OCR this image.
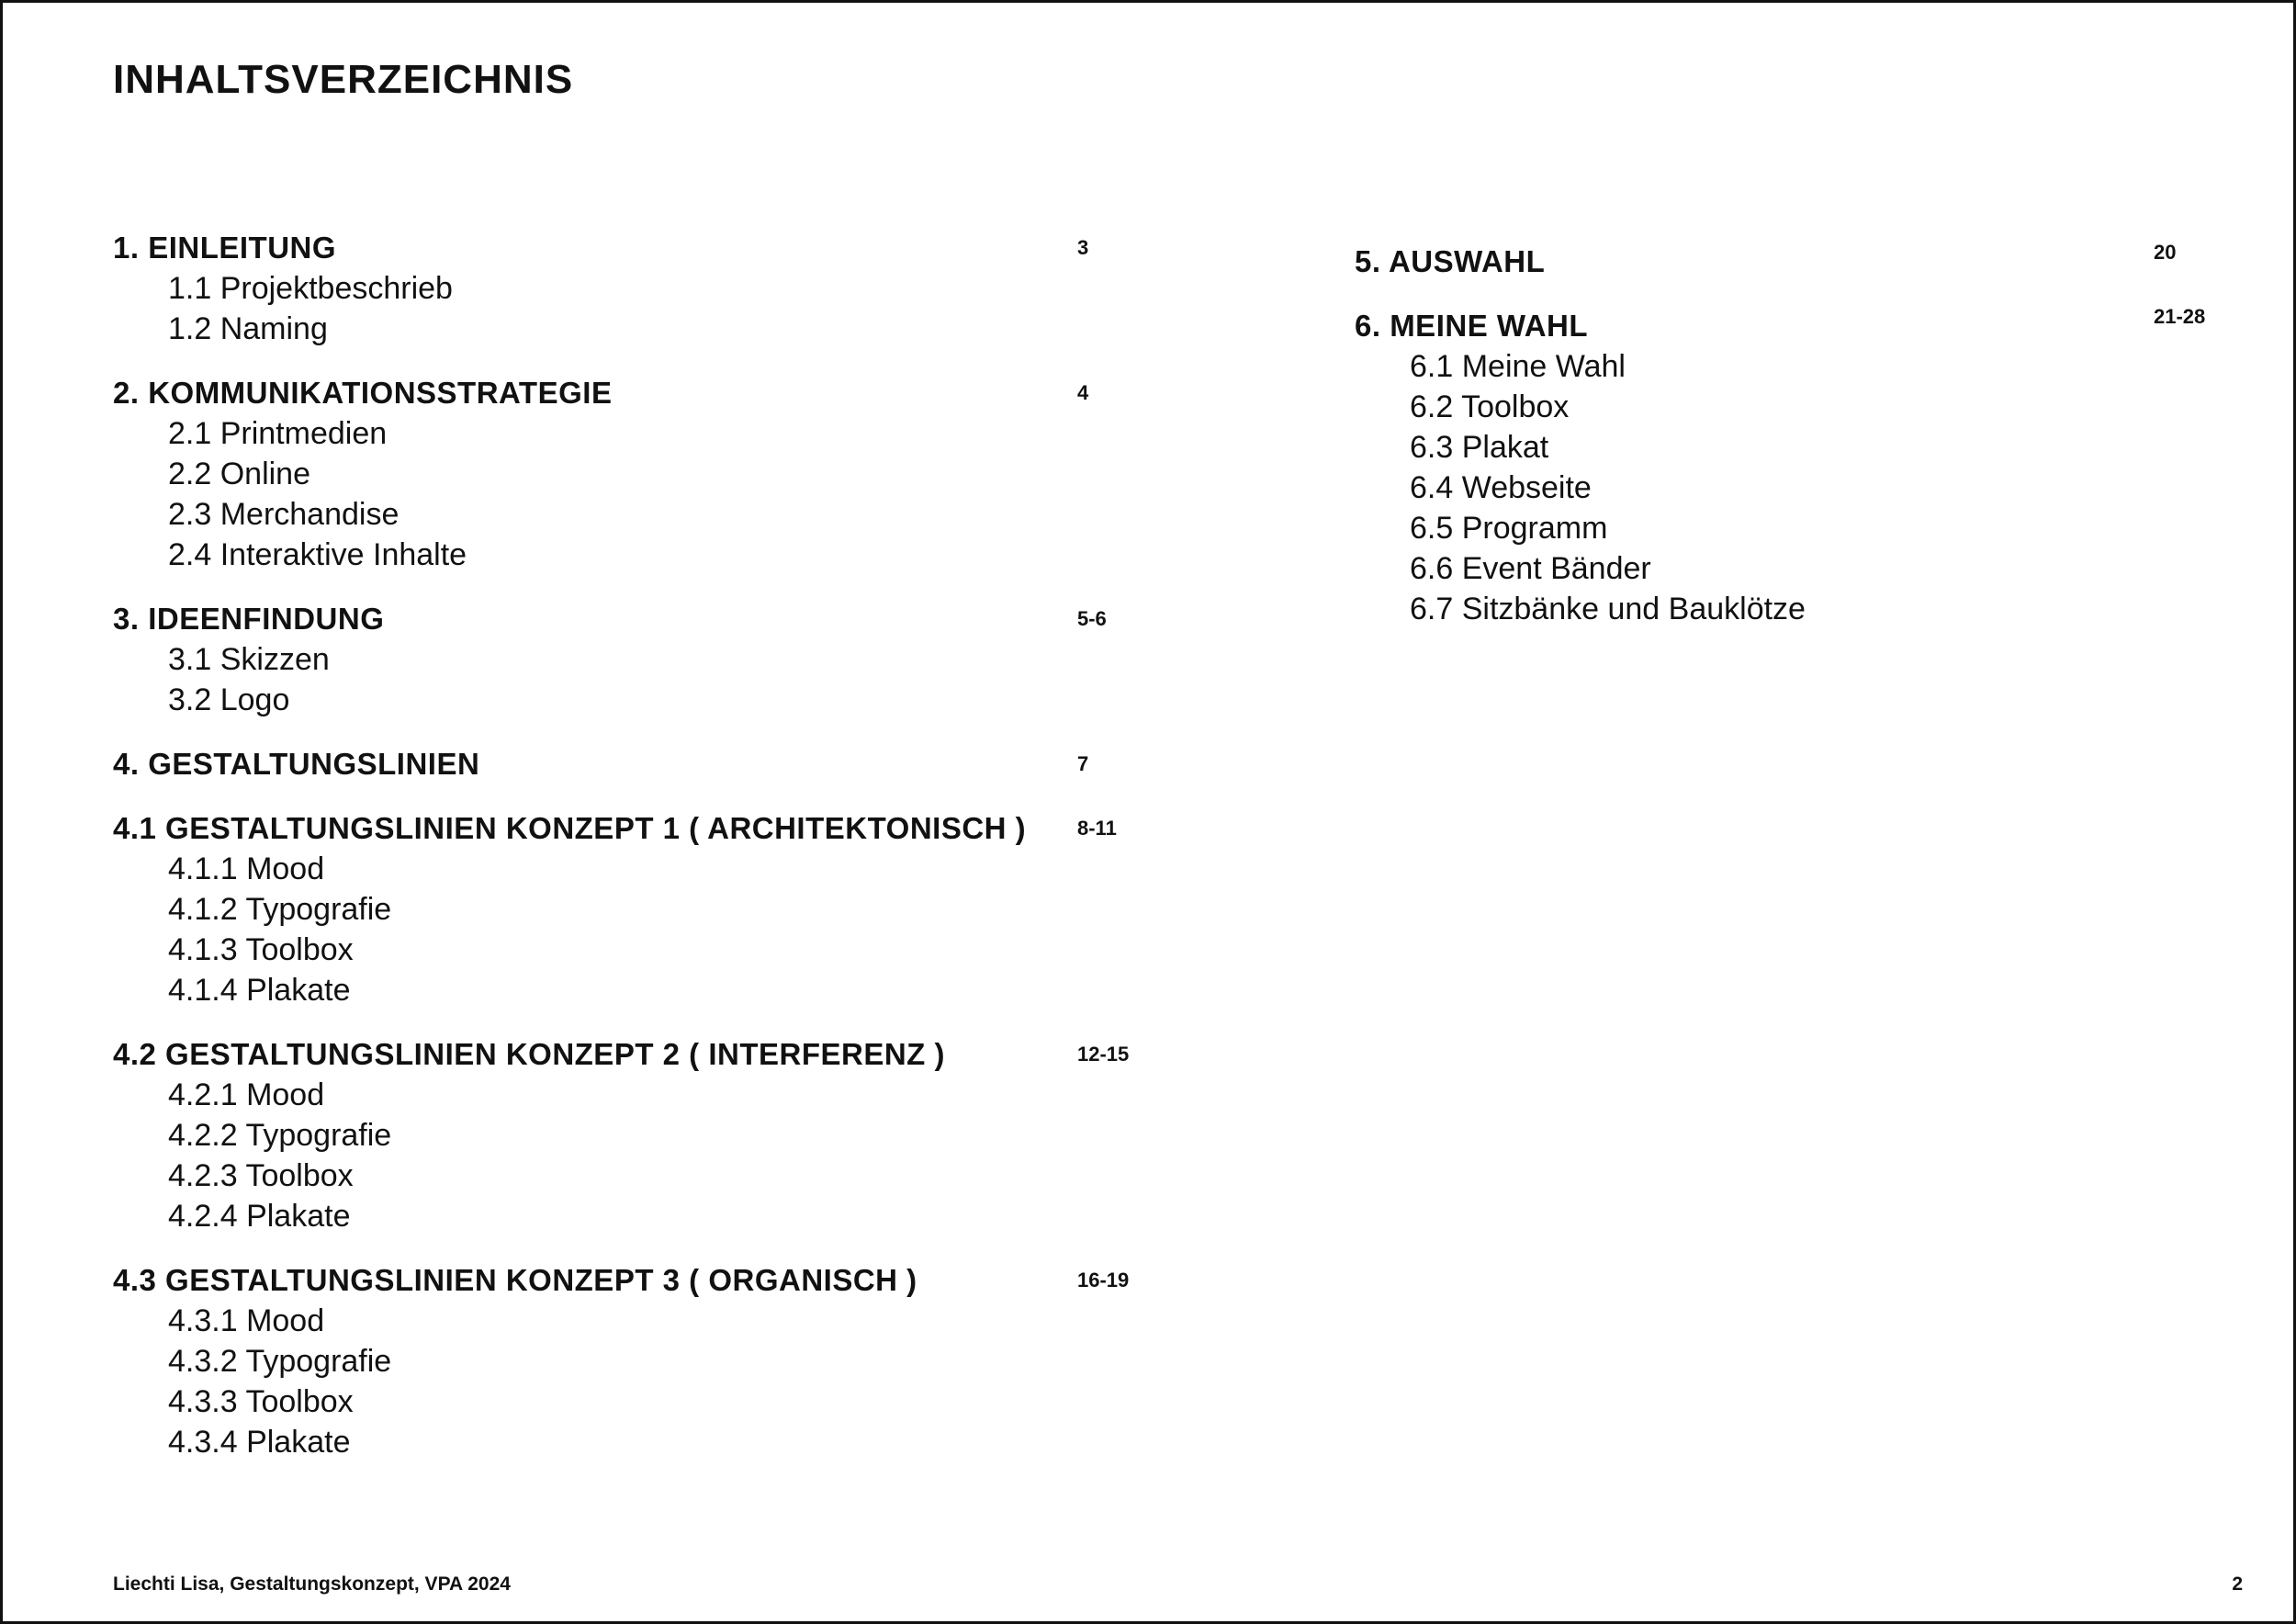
INHALTSVERZEICHNIS
1. EINLEITUNG	3
1.1 Projektbeschrieb
1.2 Naming
2. KOMMUNIKATIONSSTRATEGIE	4
2.1 Printmedien
2.2 Online
2.3 Merchandise
2.4 Interaktive Inhalte
3. IDEENFINDUNG	5-6
3.1 Skizzen
3.2 Logo
4. GESTALTUNGSLINIEN	7
4.1 GESTALTUNGSLINIEN KONZEPT 1 ( ARCHITEKTONISCH )	8-11
4.1.1 Mood
4.1.2 Typografie
4.1.3 Toolbox
4.1.4 Plakate
4.2 GESTALTUNGSLINIEN KONZEPT 2 ( INTERFERENZ )	12-15
4.2.1 Mood
4.2.2 Typografie
4.2.3 Toolbox
4.2.4 Plakate
4.3 GESTALTUNGSLINIEN KONZEPT 3 ( ORGANISCH )	16-19
4.3.1 Mood
4.3.2 Typografie
4.3.3 Toolbox
4.3.4 Plakate
5. AUSWAHL	20
6. MEINE WAHL	21-28
6.1 Meine Wahl
6.2 Toolbox
6.3 Plakat
6.4 Webseite
6.5 Programm
6.6 Event Bänder
6.7 Sitzbänke und Bauklötze
Liechti Lisa, Gestaltungskonzept, VPA 2024	2
